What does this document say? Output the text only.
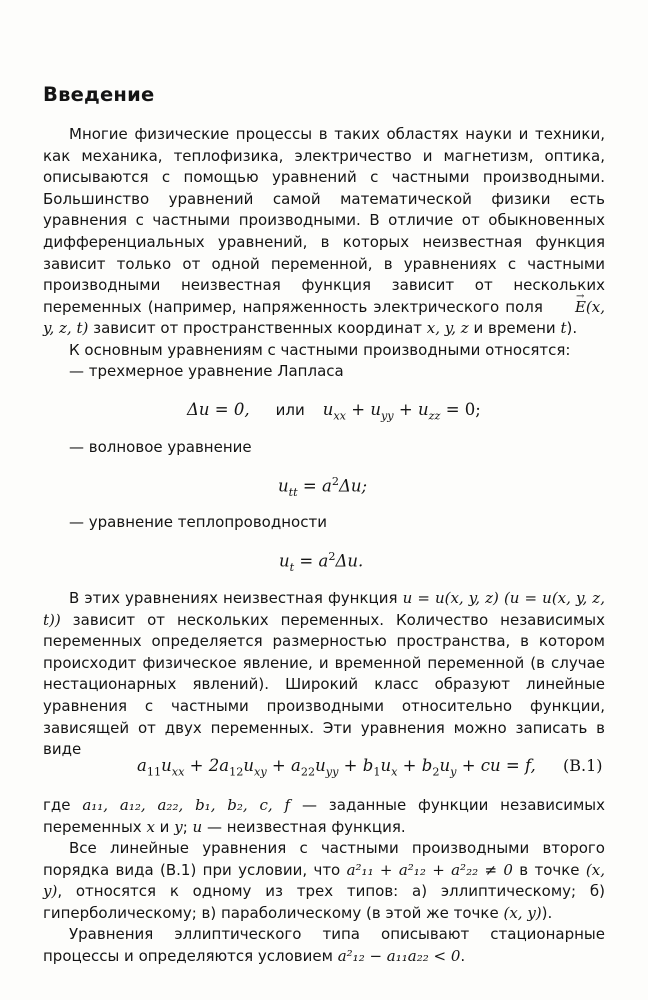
Введение
Многие физические процессы в таких областях науки и техники, как механика, теплофизика, электричество и магнетизм, оптика, описываются с помощью уравнений с частными производными. Большинство уравнений самой математической физики есть уравнения с частными производными. В отличие от обыкновенных дифференциальных уравнений, в которых неизвестная функция зависит только от одной переменной, в уравнениях с частными производными неизвестная функция зависит от нескольких переменных (например, напряженность электрического поля → E(x, y, z, t) зависит от пространственных координат x, y, z и времени t).
К основным уравнениям с частными производными относятся:
— трехмерное уравнение Лапласа
Δu = 0, или $u_{xx} + u_{yy} + u_{zz} = 0$;
— волновое уравнение
$u_{tt} = a^2\Delta u$;
— уравнение теплопроводности
$u_t = a^2\Delta u$.
В этих уравнениях неизвестная функция u = u(x, y, z) (u = u(x, y, z, t)) зависит от нескольких переменных. Количество независимых переменных определяется размерностью пространства, в котором происходит физическое явление, и временной переменной (в случае нестационарных явлений). Широкий класс образуют линейные уравнения с частными производными относительно функции, зависящей от двух переменных. Эти уравнения можно записать в виде
$a_{11}u_{xx} + 2a_{12}u_{xy} + a_{22}u_{yy} + b_1u_x + b_2u_y$ + cu = f, (В.1)
где a₁₁, a₁₂, a₂₂, b₁, b₂, c, f — заданные функции независимых переменных x и y; u — неизвестная функция.
Все линейные уравнения с частными производными второго порядка вида (В.1) при условии, что a²₁₁ + a²₁₂ + a²₂₂ ≠ 0 в точке (x, y), относятся к одному из трех типов: а) эллиптическому; б) гиперболическому; в) параболическому (в этой же точке (x, y)).
Уравнения эллиптического типа описывают стационарные процессы и определяются условием a²₁₂ − a₁₁a₂₂ < 0.
